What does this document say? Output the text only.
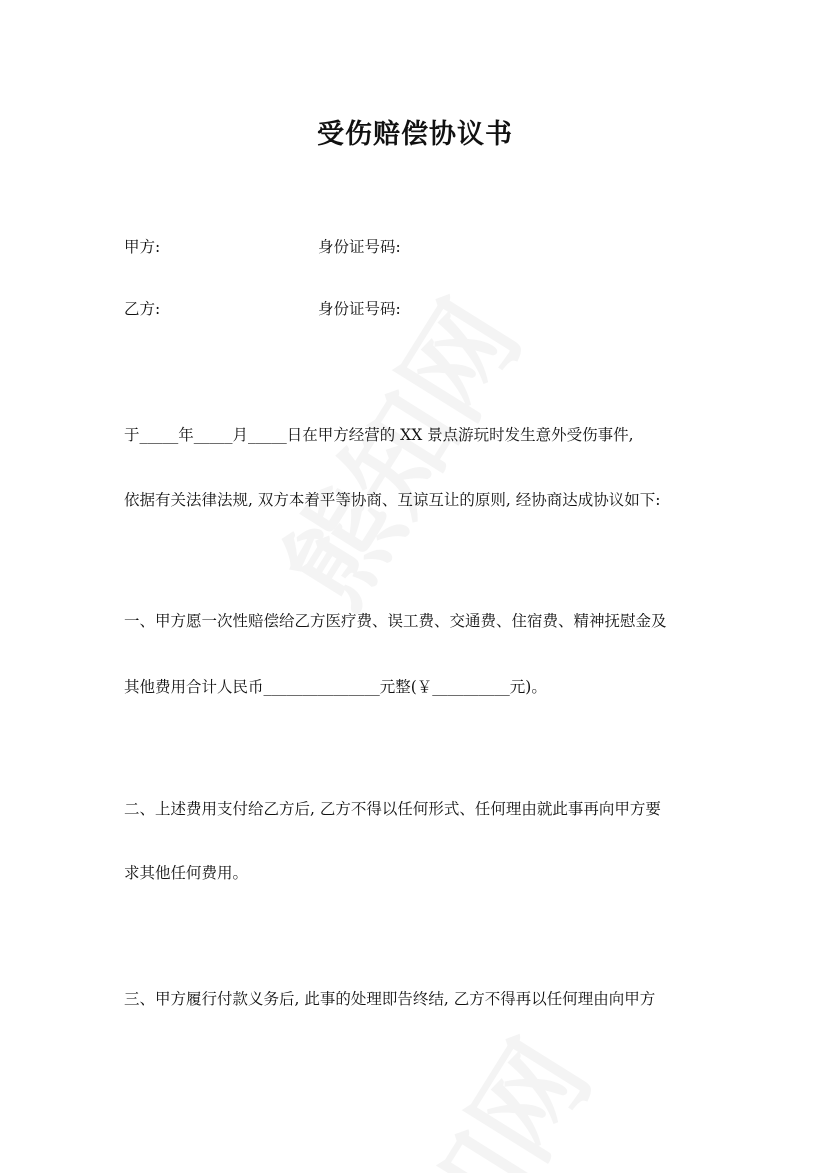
受伤赔偿协议书
甲方:	身份证号码:
乙方:	身份证号码:
于_____年_____月_____日在甲方经营的 XX 景点游玩时发生意外受伤事件,
依据有关法律法规, 双方本着平等协商、互谅互让的原则, 经协商达成协议如下:
一、甲方愿一次性赔偿给乙方医疗费、误工费、交通费、住宿费、精神抚慰金及
其他费用合计人民币_______________元整(￥__________元)。
二、上述费用支付给乙方后, 乙方不得以任何形式、任何理由就此事再向甲方要
求其他任何费用。
三、甲方履行付款义务后, 此事的处理即告终结, 乙方不得再以任何理由向甲方
